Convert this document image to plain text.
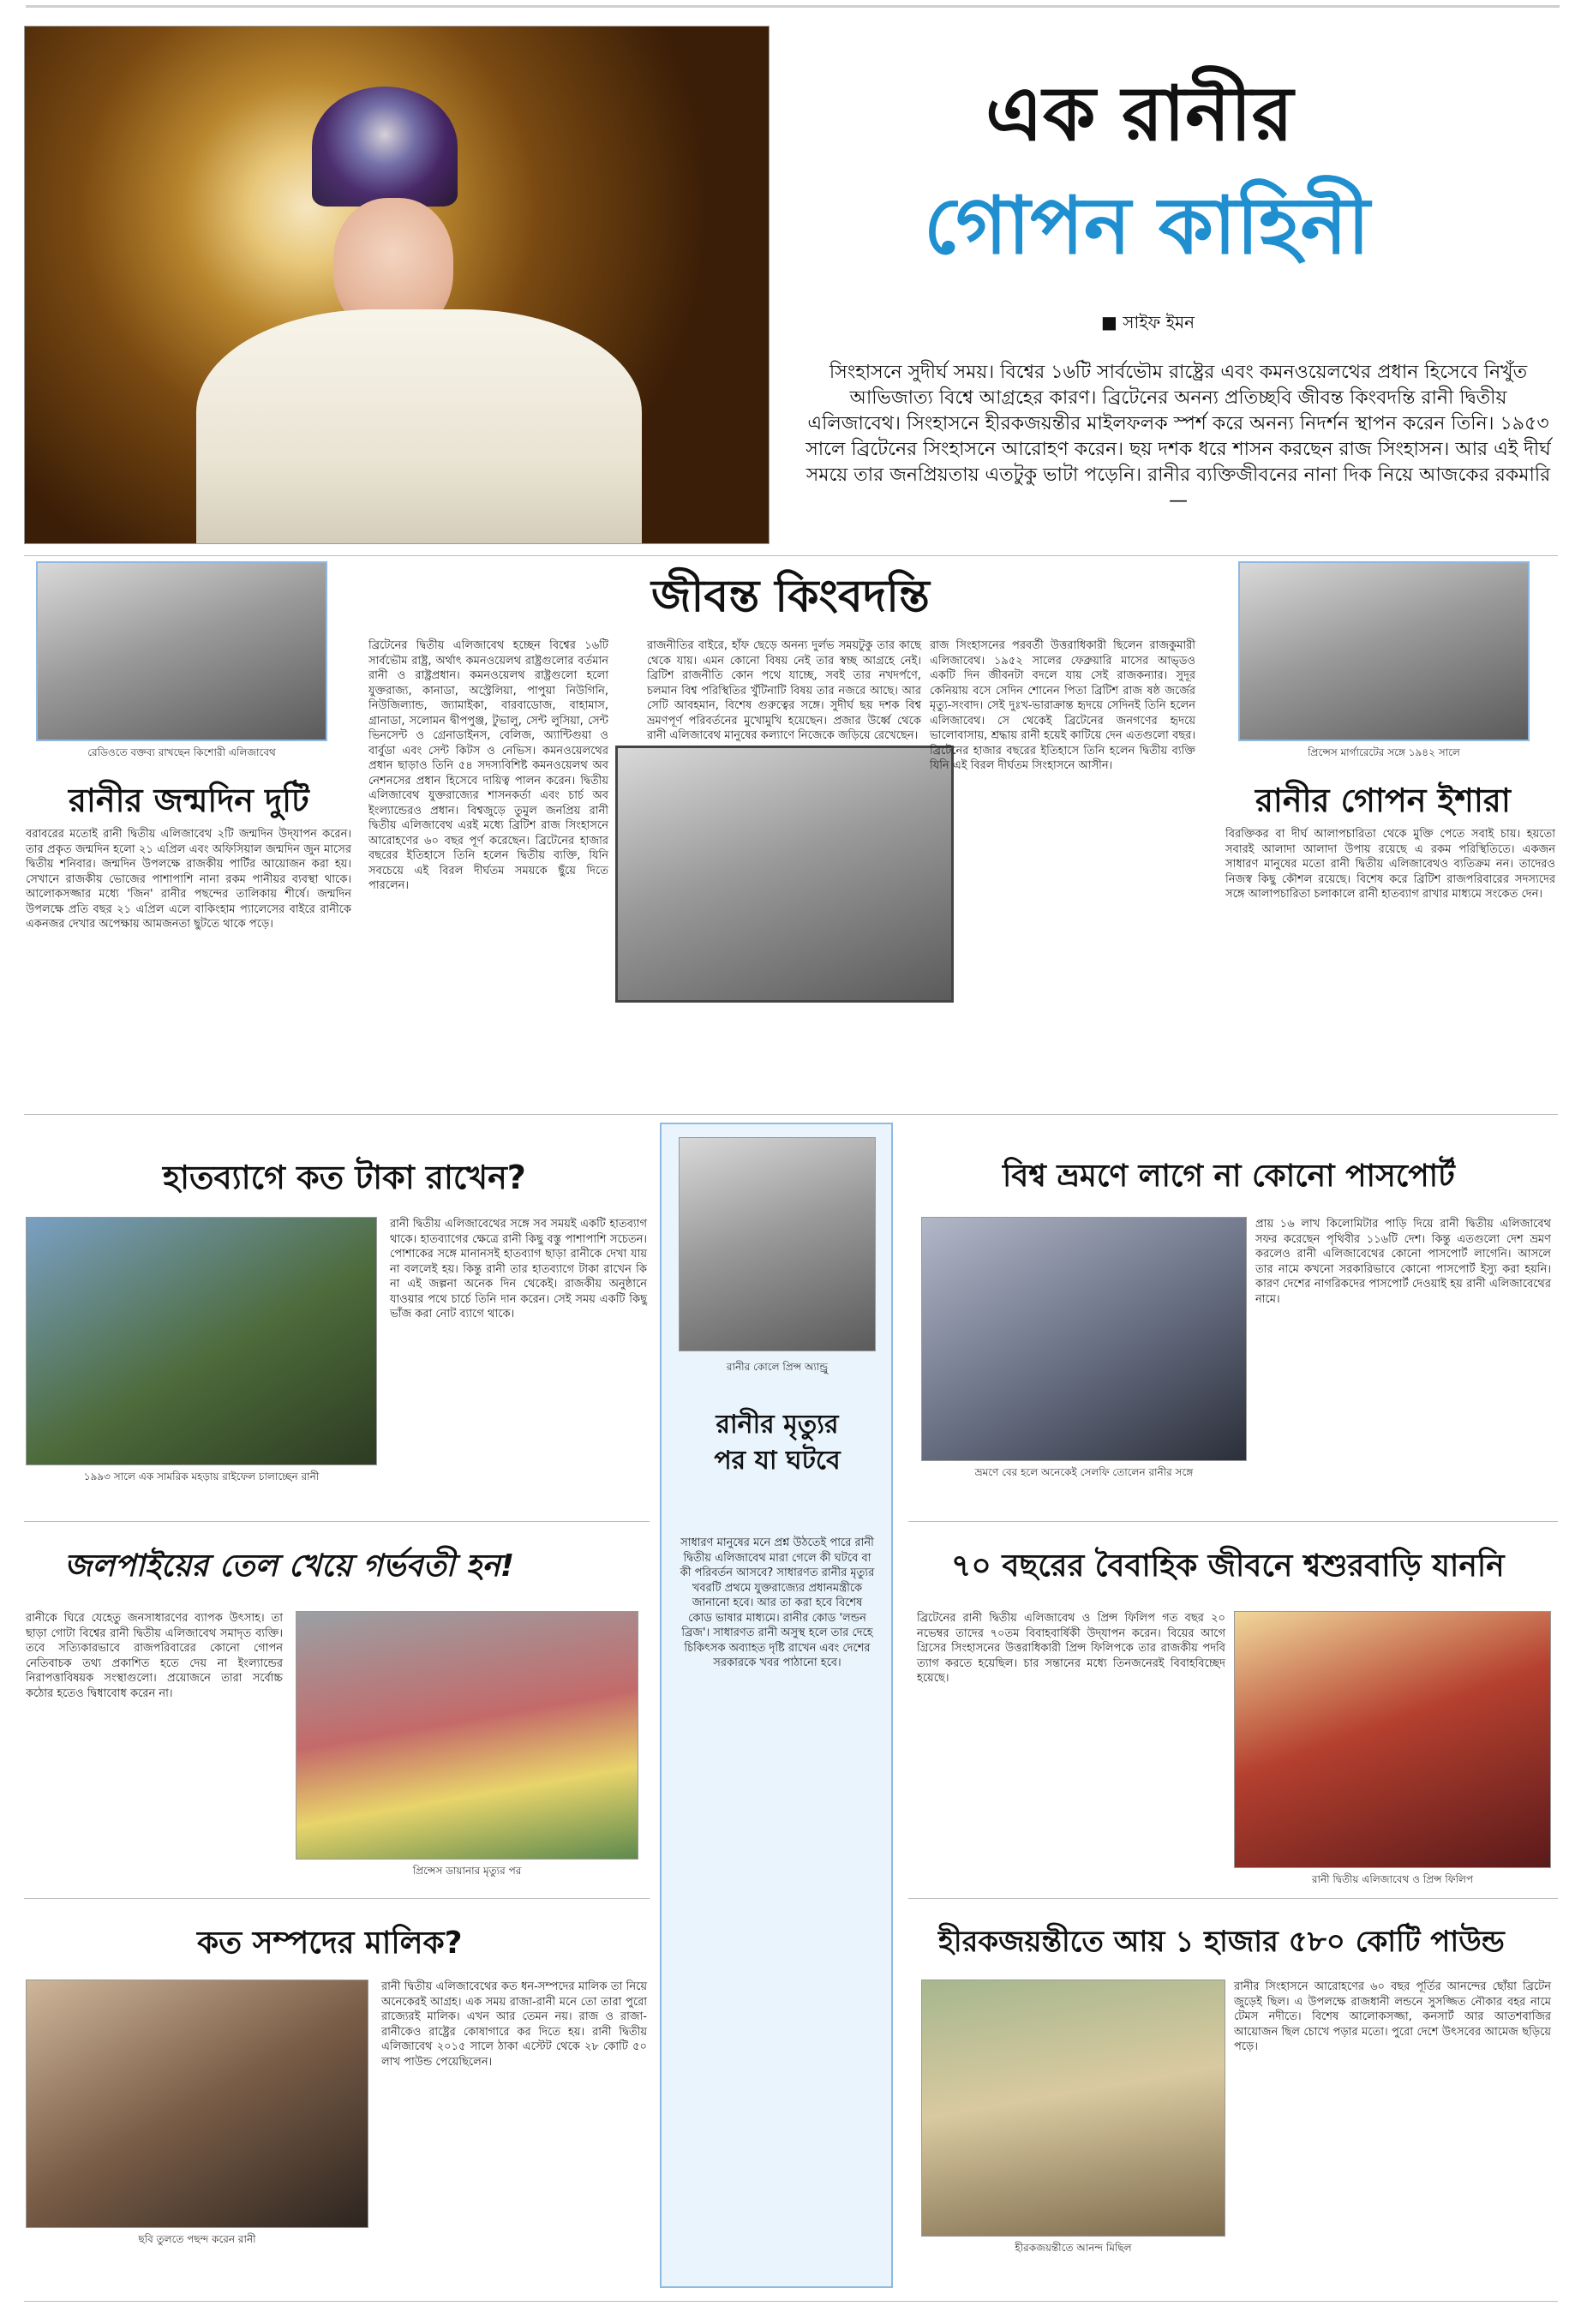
এক রানীর
গোপন কাহিনী
■ সাইফ ইমন
সিংহাসনে সুদীর্ঘ সময়। বিশ্বের ১৬টি সার্বভৌম রাষ্ট্রের এবং কমনওয়েলথের প্রধান হিসেবে নিখুঁত আভিজাত্য বিশ্বে আগ্রহের কারণ। ব্রিটেনের অনন্য প্রতিচ্ছবি জীবন্ত কিংবদন্তি রানী দ্বিতীয় এলিজাবেথ। সিংহাসনে হীরকজয়ন্তীর মাইলফলক স্পর্শ করে অনন্য নিদর্শন স্থাপন করেন তিনি। ১৯৫৩ সালে ব্রিটেনের সিংহাসনে আরোহণ করেন। ছয় দশক ধরে শাসন করছেন রাজ সিংহাসন। আর এই দীর্ঘ সময়ে তার জনপ্রিয়তায় এতটুকু ভাটা পড়েনি। রানীর ব্যক্তিজীবনের নানা দিক নিয়ে আজকের রকমারি—
রেডিওতে বক্তব্য রাখছেন কিশোরী এলিজাবেথ
রানীর জন্মদিন দুটি
বরাবরের মতোই রানী দ্বিতীয় এলিজাবেথ ২টি জন্মদিন উদ্‌যাপন করেন। তার প্রকৃত জন্মদিন হলো ২১ এপ্রিল এবং অফিসিয়াল জন্মদিন জুন মাসের দ্বিতীয় শনিবার। জন্মদিন উপলক্ষে রাজকীয় পার্টির আয়োজন করা হয়। সেখানে রাজকীয় ভোজের পাশাপাশি নানা রকম পানীয়র ব্যবস্থা থাকে। আলোকসজ্জার মধ্যে 'জিন' রানীর পছন্দের তালিকায় শীর্ষে। জন্মদিন উপলক্ষে প্রতি বছর ২১ এপ্রিল এলে বাকিংহাম প্যালেসের বাইরে রানীকে একনজর দেখার অপেক্ষায় আমজনতা ছুটতে থাকে পড়ে।
জীবন্ত কিংবদন্তি
ব্রিটেনের দ্বিতীয় এলিজাবেথ হচ্ছেন বিশ্বের ১৬টি সার্বভৌম রাষ্ট্র, অর্থাৎ কমনওয়েলথ রাষ্ট্রগুলোর বর্তমান রানী ও রাষ্ট্রপ্রধান। কমনওয়েলথ রাষ্ট্রগুলো হলো যুক্তরাজ্য, কানাডা, অস্ট্রেলিয়া, পাপুয়া নিউগিনি, নিউজিল্যান্ড, জ্যামাইকা, বারবাডোজ, বাহামাস, গ্রানাডা, সলোমন দ্বীপপুঞ্জ, টুভালু, সেন্ট লুসিয়া, সেন্ট ভিনসেন্ট ও গ্রেনাডাইনস, বেলিজ, অ্যান্টিগুয়া ও বার্বুডা এবং সেন্ট কিটস ও নেভিস। কমনওয়েলথের প্রধান ছাড়াও তিনি ৫৪ সদস্যবিশিষ্ট কমনওয়েলথ অব নেশনসের প্রধান হিসেবে দায়িত্ব পালন করেন। দ্বিতীয় এলিজাবেথ যুক্তরাজ্যের শাসনকর্তা এবং চার্চ অব ইংল্যান্ডেরও প্রধান। বিশ্বজুড়ে তুমুল জনপ্রিয় রানী দ্বিতীয় এলিজাবেথ এরই মধ্যে ব্রিটিশ রাজ সিংহাসনে আরোহণের ৬০ বছর পূর্ণ করেছেন। ব্রিটেনের হাজার বছরের ইতিহাসে তিনি হলেন দ্বিতীয় ব্যক্তি, যিনি সবচেয়ে এই বিরল দীর্ঘতম সময়কে ছুঁয়ে দিতে পারলেন।
রাজনীতির বাইরে, হাঁফ ছেড়ে অনন্য দুর্লভ সময়টুকু তার কাছে থেকে যায়। এমন কোনো বিষয় নেই তার স্বচ্ছ আগ্রহে নেই। ব্রিটিশ রাজনীতি কোন পথে যাচ্ছে, সবই তার নখদর্পণে, চলমান বিশ্ব পরিস্থিতির খুঁটিনাটি বিষয় তার নজরে আছে। আর সেটি আবহমান, বিশেষ গুরুত্বের সঙ্গে। সুদীর্ঘ ছয় দশক বিশ্ব ভ্রমণপূর্ণ পরিবর্তনের মুখোমুখি হয়েছেন। প্রজার উর্ধ্বে থেকে রানী এলিজাবেথ মানুষের কল্যাণে নিজেকে জড়িয়ে রেখেছেন।
রাজ সিংহাসনের পরবর্তী উত্তরাধিকারী ছিলেন রাজকুমারী এলিজাবেথ। ১৯৫২ সালের ফেব্রুয়ারি মাসের আভ্ডও একটি দিন জীবনটা বদলে যায় সেই রাজকন্যার। সুদূর কেনিয়ায় বসে সেদিন শোনেন পিতা ব্রিটিশ রাজ ষষ্ঠ জর্জের মৃত্যু-সংবাদ। সেই দুঃখ-ভারাক্রান্ত হৃদয়ে সেদিনই তিনি হলেন এলিজাবেথ। সে থেকেই ব্রিটেনের জনগণের হৃদয়ে ভালোবাসায়, শ্রদ্ধায় রানী হয়েই কাটিয়ে দেন এতগুলো বছর। ব্রিটেনের হাজার বছরের ইতিহাসে তিনি হলেন দ্বিতীয় ব্যক্তি যিনি এই বিরল দীর্ঘতম সিংহাসনে আসীন।
প্রিন্সেস মার্গারেটের সঙ্গে ১৯৪২ সালে
রানীর গোপন ইশারা
বিরক্তিকর বা দীর্ঘ আলাপচারিতা থেকে মুক্তি পেতে সবাই চায়। হয়তো সবারই আলাদা আলাদা উপায় রয়েছে এ রকম পরিস্থিতিতে। একজন সাধারণ মানুষের মতো রানী দ্বিতীয় এলিজাবেথও ব্যতিক্রম নন। তাদেরও নিজস্ব কিছু কৌশল রয়েছে। বিশেষ করে ব্রিটিশ রাজপরিবারের সদস্যদের সঙ্গে আলাপচারিতা চলাকালে রানী হাতব্যাগ রাখার মাধ্যমে সংকেত দেন।
হাতব্যাগে কত টাকা রাখেন?
১৯৯৩ সালে এক সামরিক মহড়ায় রাইফেল চালাচ্ছেন রানী
রানী দ্বিতীয় এলিজাবেথের সঙ্গে সব সময়ই একটি হাতব্যাগ থাকে। হাতব্যাগের ক্ষেত্রে রানী কিছু বস্তু পাশাপাশি সচেতন। পোশাকের সঙ্গে মানানসই হাতব্যাগ ছাড়া রানীকে দেখা যায় না বললেই হয়। কিন্তু রানী তার হাতব্যাগে টাকা রাখেন কি না এই জল্পনা অনেক দিন থেকেই। রাজকীয় অনুষ্ঠানে যাওয়ার পথে চার্চে তিনি দান করেন। সেই সময় একটি কিছু ভাঁজ করা নোট ব্যাগে থাকে।
রানীর কোলে প্রিন্স অ্যান্ড্রু
রানীর মৃত্যুর পর যা ঘটবে
সাধারণ মানুষের মনে প্রশ্ন উঠতেই পারে রানী দ্বিতীয় এলিজাবেথ মারা গেলে কী ঘটবে বা কী পরিবর্তন আসবে? সাধারণত রানীর মৃত্যুর খবরটি প্রথমে যুক্তরাজ্যের প্রধানমন্ত্রীকে জানানো হবে। আর তা করা হবে বিশেষ কোড ভাষার মাধ্যমে। রানীর কোড 'লন্ডন ব্রিজ'। সাধারণত রানী অসুস্থ হলে তার দেহে চিকিৎসক অব্যাহত দৃষ্টি রাখেন এবং দেশের সরকারকে খবর পাঠানো হবে।
বিশ্ব ভ্রমণে লাগে না কোনো পাসপোর্ট
ভ্রমণে বের হলে অনেকেই সেলফি তোলেন রানীর সঙ্গে
প্রায় ১৬ লাখ কিলোমিটার পাড়ি দিয়ে রানী দ্বিতীয় এলিজাবেথ সফর করেছেন পৃথিবীর ১১৬টি দেশ। কিন্তু এতগুলো দেশ ভ্রমণ করলেও রানী এলিজাবেথের কোনো পাসপোর্ট লাগেনি। আসলে তার নামে কখনো সরকারিভাবে কোনো পাসপোর্ট ইস্যু করা হয়নি। কারণ দেশের নাগরিকদের পাসপোর্ট দেওয়াই হয় রানী এলিজাবেথের নামে।
জলপাইয়ের তেল খেয়ে গর্ভবতী হন!
রানীকে ঘিরে যেহেতু জনসাধারণের ব্যাপক উৎসাহ। তা ছাড়া গোটা বিশ্বের রানী দ্বিতীয় এলিজাবেথ সমাদৃত ব্যক্তি। তবে সত্যিকারভাবে রাজপরিবারের কোনো গোপন নেতিবাচক তথ্য প্রকাশিত হতে দেয় না ইংল্যান্ডের নিরাপত্তাবিষয়ক সংস্থাগুলো। প্রয়োজনে তারা সর্বোচ্চ কঠোর হতেও দ্বিধাবোধ করেন না।
প্রিন্সেস ডায়ানার মৃত্যুর পর
৭০ বছরের বৈবাহিক জীবনে শ্বশুরবাড়ি যাননি
ব্রিটেনের রানী দ্বিতীয় এলিজাবেথ ও প্রিন্স ফিলিপ গত বছর ২০ নভেম্বর তাদের ৭০তম বিবাহবার্ষিকী উদ্‌যাপন করেন। বিয়ের আগে গ্রিসের সিংহাসনের উত্তরাধিকারী প্রিন্স ফিলিপকে তার রাজকীয় পদবি ত্যাগ করতে হয়েছিল। চার সন্তানের মধ্যে তিনজনেরই বিবাহবিচ্ছেদ হয়েছে।
রানী দ্বিতীয় এলিজাবেথ ও প্রিন্স ফিলিপ
কত সম্পদের মালিক?
ছবি তুলতে পছন্দ করেন রানী
রানী দ্বিতীয় এলিজাবেথের কত ধন-সম্পদের মালিক তা নিয়ে অনেকেরই আগ্রহ। এক সময় রাজা-রানী মনে তো তারা পুরো রাজ্যেরই মালিক। এখন আর তেমন নয়। রাজ ও রাজা-রানীকেও রাষ্ট্রের কোষাগারে কর দিতে হয়। রানী দ্বিতীয় এলিজাবেথ ২০১৫ সালে ঠাকা এস্টেট থেকে ২৮ কোটি ৫০ লাখ পাউন্ড পেয়েছিলেন।
হীরকজয়ন্তীতে আয় ১ হাজার ৫৮০ কোটি পাউন্ড
হীরকজয়ন্তীতে আনন্দ মিছিল
রানীর সিংহাসনে আরোহণের ৬০ বছর পূর্তির আনন্দের ছোঁয়া ব্রিটেন জুড়েই ছিল। এ উপলক্ষে রাজধানী লন্ডনে সুসজ্জিত নৌকার বহর নামে টেমস নদীতে। বিশেষ আলোকসজ্জা, কনসার্ট আর আতশবাজির আয়োজন ছিল চোখে পড়ার মতো। পুরো দেশে উৎসবের আমেজ ছড়িয়ে পড়ে।
